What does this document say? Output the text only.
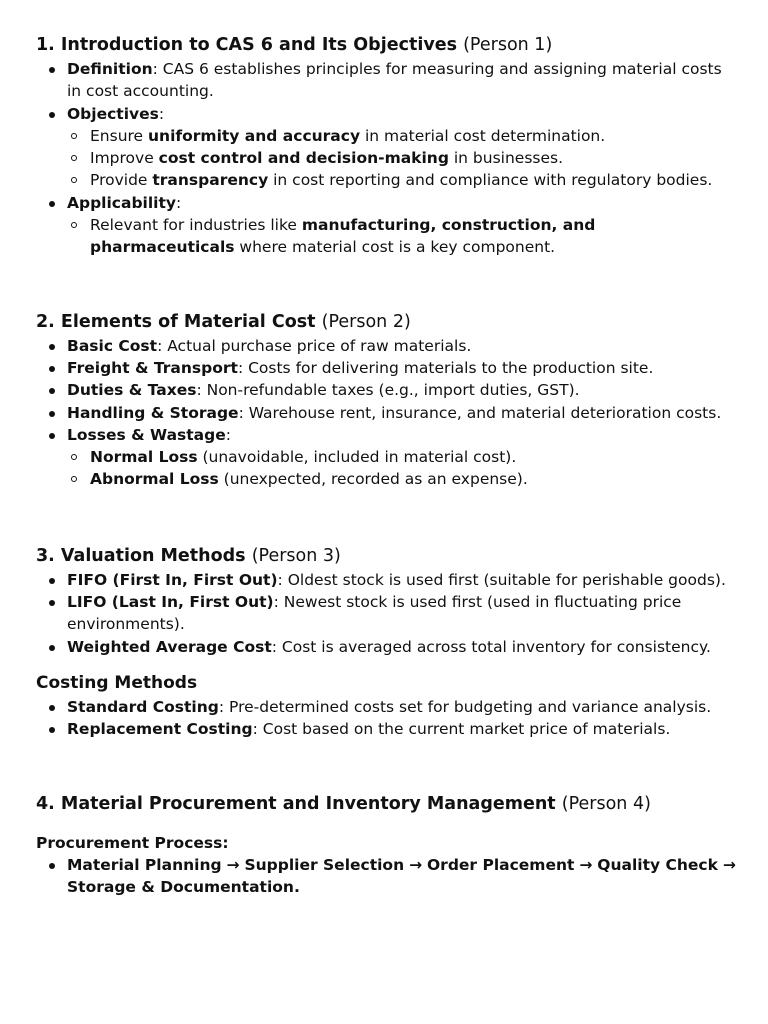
1. Introduction to CAS 6 and Its Objectives (Person 1)
Definition: CAS 6 establishes principles for measuring and assigning material costs in cost accounting.
Objectives:
Ensure uniformity and accuracy in material cost determination.
Improve cost control and decision-making in businesses.
Provide transparency in cost reporting and compliance with regulatory bodies.
Applicability:
Relevant for industries like manufacturing, construction, and pharmaceuticals where material cost is a key component.
2. Elements of Material Cost (Person 2)
Basic Cost: Actual purchase price of raw materials.
Freight & Transport: Costs for delivering materials to the production site.
Duties & Taxes: Non-refundable taxes (e.g., import duties, GST).
Handling & Storage: Warehouse rent, insurance, and material deterioration costs.
Losses & Wastage:
Normal Loss (unavoidable, included in material cost).
Abnormal Loss (unexpected, recorded as an expense).
3. Valuation Methods (Person 3)
FIFO (First In, First Out): Oldest stock is used first (suitable for perishable goods).
LIFO (Last In, First Out): Newest stock is used first (used in fluctuating price environments).
Weighted Average Cost: Cost is averaged across total inventory for consistency.
Costing Methods
Standard Costing: Pre-determined costs set for budgeting and variance analysis.
Replacement Costing: Cost based on the current market price of materials.
4. Material Procurement and Inventory Management (Person 4)
Procurement Process:
Material Planning → Supplier Selection → Order Placement → Quality Check → Storage & Documentation.
